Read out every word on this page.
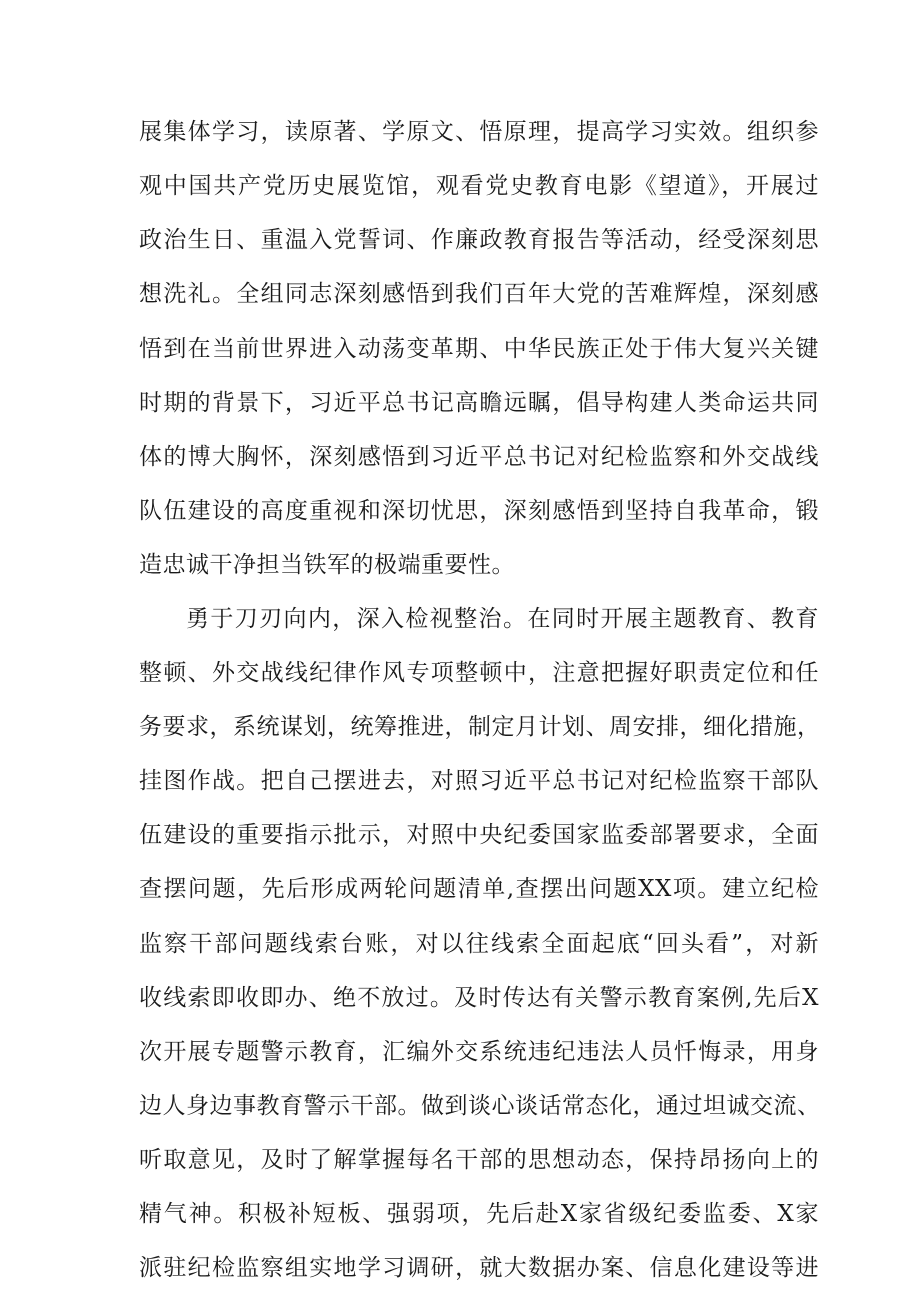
展集体学习，读原著、学原文、悟原理，提高学习实效。组织参
观中国共产党历史展览馆，观看党史教育电影《望道》，开展过
政治生日、重温入党誓词、作廉政教育报告等活动，经受深刻思
想洗礼。全组同志深刻感悟到我们百年大党的苦难辉煌，深刻感
悟到在当前世界进入动荡变革期、中华民族正处于伟大复兴关键
时期的背景下，习近平总书记高瞻远瞩，倡导构建人类命运共同
体的博大胸怀，深刻感悟到习近平总书记对纪检监察和外交战线
队伍建设的高度重视和深切忧思，深刻感悟到坚持自我革命，锻
造忠诚干净担当铁军的极端重要性。
勇于刀刃向内，深入检视整治。在同时开展主题教育、教育
整顿、外交战线纪律作风专项整顿中，注意把握好职责定位和任
务要求，系统谋划，统筹推进，制定月计划、周安排，细化措施，
挂图作战。把自己摆进去，对照习近平总书记对纪检监察干部队
伍建设的重要指示批示，对照中央纪委国家监委部署要求，全面
查摆问题，先后形成两轮问题清单,查摆出问题XX项。建立纪检
监察干部问题线索台账，对以往线索全面起底“回头看”，对新
收线索即收即办、绝不放过。及时传达有关警示教育案例,先后X
次开展专题警示教育，汇编外交系统违纪违法人员忏悔录，用身
边人身边事教育警示干部。做到谈心谈话常态化，通过坦诚交流、
听取意见，及时了解掌握每名干部的思想动态，保持昂扬向上的
精气神。积极补短板、强弱项，先后赴X家省级纪委监委、X家
派驻纪检监察组实地学习调研，就大数据办案、信息化建设等进
